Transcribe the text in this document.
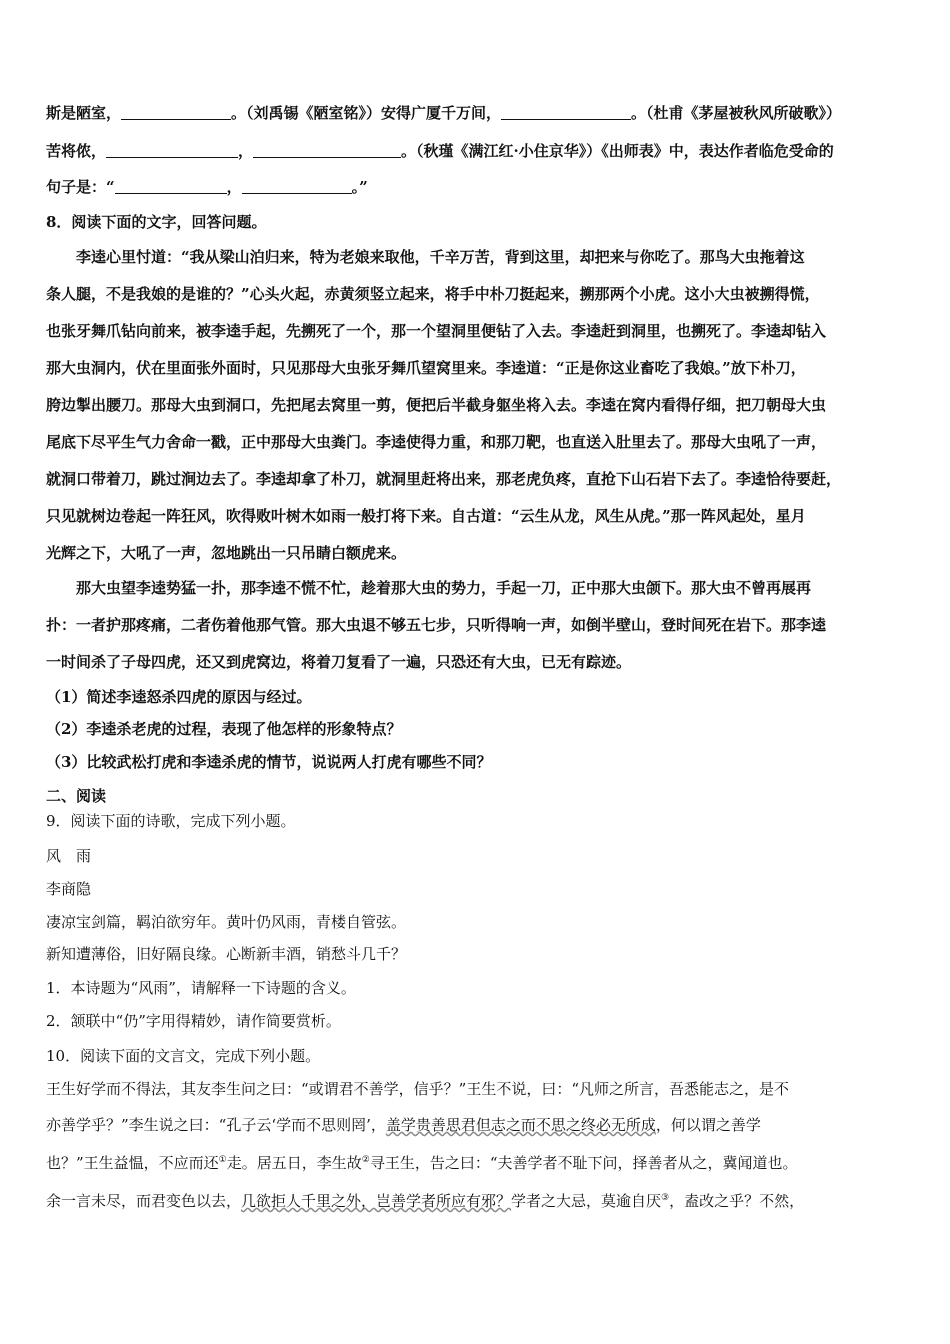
斯是陋室，	。（刘禹锡《陋室铭》）安得广厦千万间，	。（杜甫《茅屋被秋风所破歌》）
苦将侬，	，	。（秋瑾《满江红·小住京华》）《出师表》中，表达作者临危受命的
句子是：“	，	。”
8．阅读下面的文字，回答问题。
李逵心里忖道：“我从梁山泊归来，特为老娘来取他，千辛万苦，背到这里，却把来与你吃了。那鸟大虫拖着这
条人腿，不是我娘的是谁的？”心头火起，赤黄须竖立起来，将手中朴刀挺起来，搠那两个小虎。这小大虫被搠得慌，
也张牙舞爪钻向前来，被李逵手起，先搠死了一个，那一个望洞里便钻了入去。李逵赶到洞里，也搠死了。李逵却钻入
那大虫洞内，伏在里面张外面时，只见那母大虫张牙舞爪望窝里来。李逵道：“正是你这业畜吃了我娘。”放下朴刀，
胯边掣出腰刀。那母大虫到洞口，先把尾去窝里一剪，便把后半截身躯坐将入去。李逵在窝内看得仔细，把刀朝母大虫
尾底下尽平生气力舍命一戳，正中那母大虫粪门。李逵使得力重，和那刀靶，也直送入肚里去了。那母大虫吼了一声，
就洞口带着刀，跳过涧边去了。李逵却拿了朴刀，就洞里赶将出来，那老虎负疼，直抢下山石岩下去了。李逵恰待要赶，
只见就树边卷起一阵狂风，吹得败叶树木如雨一般打将下来。自古道：“云生从龙，风生从虎。”那一阵风起处，星月
光辉之下，大吼了一声，忽地跳出一只吊睛白额虎来。
那大虫望李逵势猛一扑，那李逵不慌不忙，趁着那大虫的势力，手起一刀，正中那大虫颌下。那大虫不曾再展再
扑：一者护那疼痛，二者伤着他那气管。那大虫退不够五七步，只听得响一声，如倒半壁山，登时间死在岩下。那李逵
一时间杀了子母四虎，还又到虎窝边，将着刀复看了一遍，只恐还有大虫，已无有踪迹。
（1）简述李逵怒杀四虎的原因与经过。
（2）李逵杀老虎的过程，表现了他怎样的形象特点？
（3）比较武松打虎和李逵杀虎的情节，说说两人打虎有哪些不同？
二、阅读
9．阅读下面的诗歌，完成下列小题。
风　雨
李商隐
凄凉宝剑篇，羁泊欲穷年。黄叶仍风雨，青楼自管弦。
新知遭薄俗，旧好隔良缘。心断新丰酒，销愁斗几千？
1．本诗题为“风雨”，请解释一下诗题的含义。
2．颔联中“仍”字用得精妙，请作简要赏析。
10．阅读下面的文言文，完成下列小题。
王生好学而不得法，其友李生问之曰：“或谓君不善学，信乎？”王生不说，曰：“凡师之所言，吾悉能志之，是不
亦善学乎？”李生说之曰：“孔子云‘学而不思则罔’，盖学贵善思君但志之而不思之终必无所成，何以谓之善学
也？”王生益愠，不应而还①走。居五日，李生故②寻王生，告之曰：“夫善学者不耻下问，择善者从之，冀闻道也。
余一言未尽，而君变色以去，几欲拒人千里之外，岂善学者所应有邪？学者之大忌，莫逾自厌③，盍改之乎？不然，
